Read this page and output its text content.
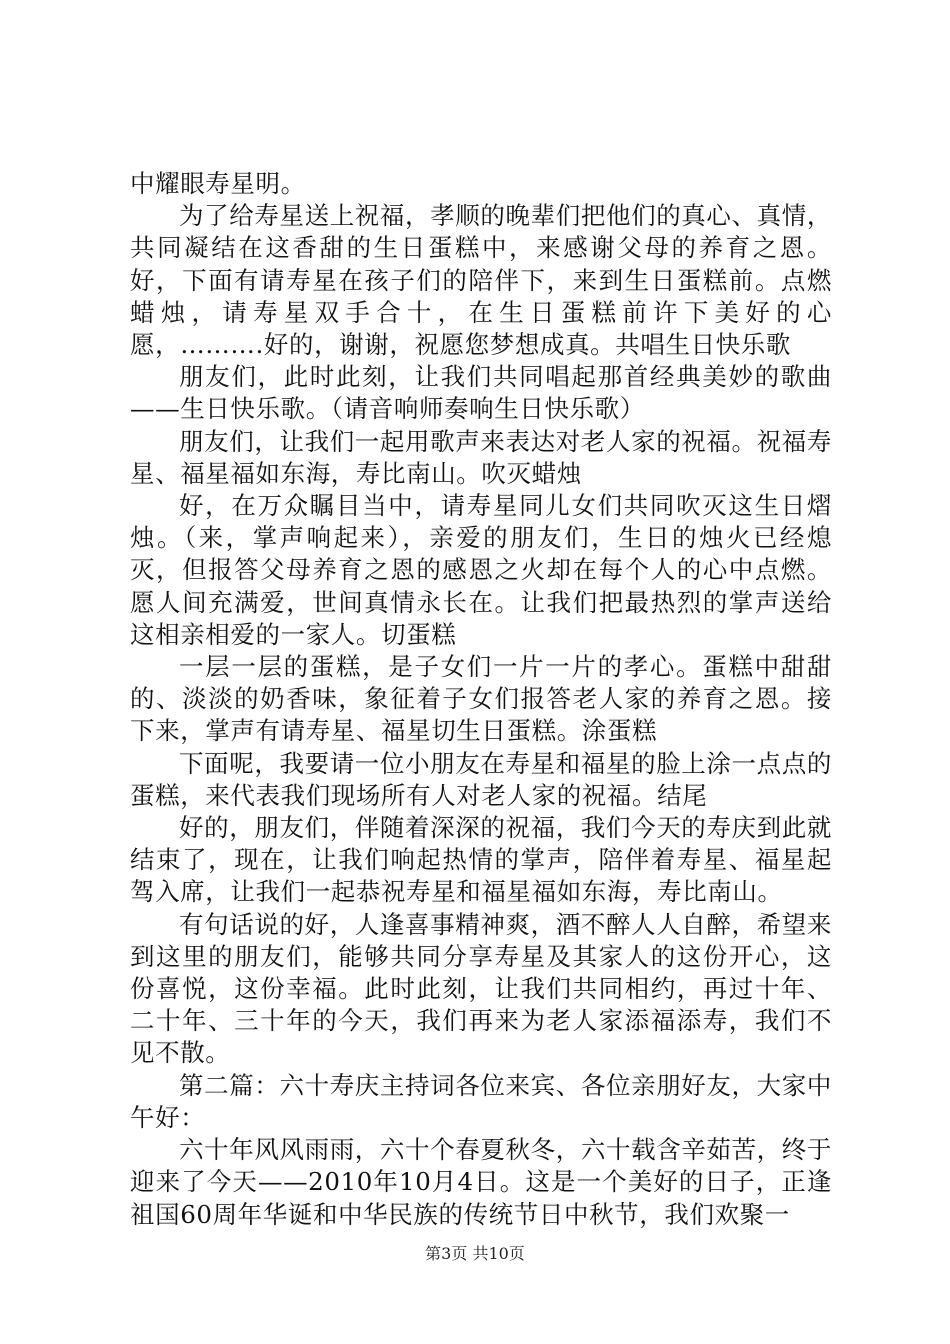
中耀眼寿星明。

为了给寿星送上祝福，孝顺的晚辈们把他们的真心、真情，共同凝结在这香甜的生日蛋糕中，来感谢父母的养育之恩。好，下面有请寿星在孩子们的陪伴下，来到生日蛋糕前。点燃蜡烛，请寿星双手合十，在生日蛋糕前许下美好的心愿，……….好的，谢谢，祝愿您梦想成真。共唱生日快乐歌

朋友们，此时此刻，让我们共同唱起那首经典美妙的歌曲——生日快乐歌。（请音响师奏响生日快乐歌）

朋友们，让我们一起用歌声来表达对老人家的祝福。祝福寿星、福星福如东海，寿比南山。吹灭蜡烛

好，在万众瞩目当中，请寿星同儿女们共同吹灭这生日熠烛。（来，掌声响起来），亲爱的朋友们，生日的烛火已经熄灭，但报答父母养育之恩的感恩之火却在每个人的心中点燃。愿人间充满爱，世间真情永长在。让我们把最热烈的掌声送给这相亲相爱的一家人。切蛋糕

一层一层的蛋糕，是子女们一片一片的孝心。蛋糕中甜甜的、淡淡的奶香味，象征着子女们报答老人家的养育之恩。接下来，掌声有请寿星、福星切生日蛋糕。涂蛋糕

下面呢，我要请一位小朋友在寿星和福星的脸上涂一点点的蛋糕，来代表我们现场所有人对老人家的祝福。结尾

好的，朋友们，伴随着深深的祝福，我们今天的寿庆到此就结束了，现在，让我们响起热情的掌声，陪伴着寿星、福星起驾入席，让我们一起恭祝寿星和福星福如东海，寿比南山。

有句话说的好，人逢喜事精神爽，酒不醉人人自醉，希望来到这里的朋友们，能够共同分享寿星及其家人的这份开心，这份喜悦，这份幸福。此时此刻，让我们共同相约，再过十年、二十年、三十年的今天，我们再来为老人家添福添寿，我们不见不散。

第二篇：六十寿庆主持词各位来宾、各位亲朋好友，大家中午好：

六十年风风雨雨，六十个春夏秋冬，六十载含辛茹苦，终于迎来了今天——2010年10月4日。这是一个美好的日子，正逢祖国60周年华诞和中华民族的传统节日中秋节，我们欢聚一

第3页 共10页
